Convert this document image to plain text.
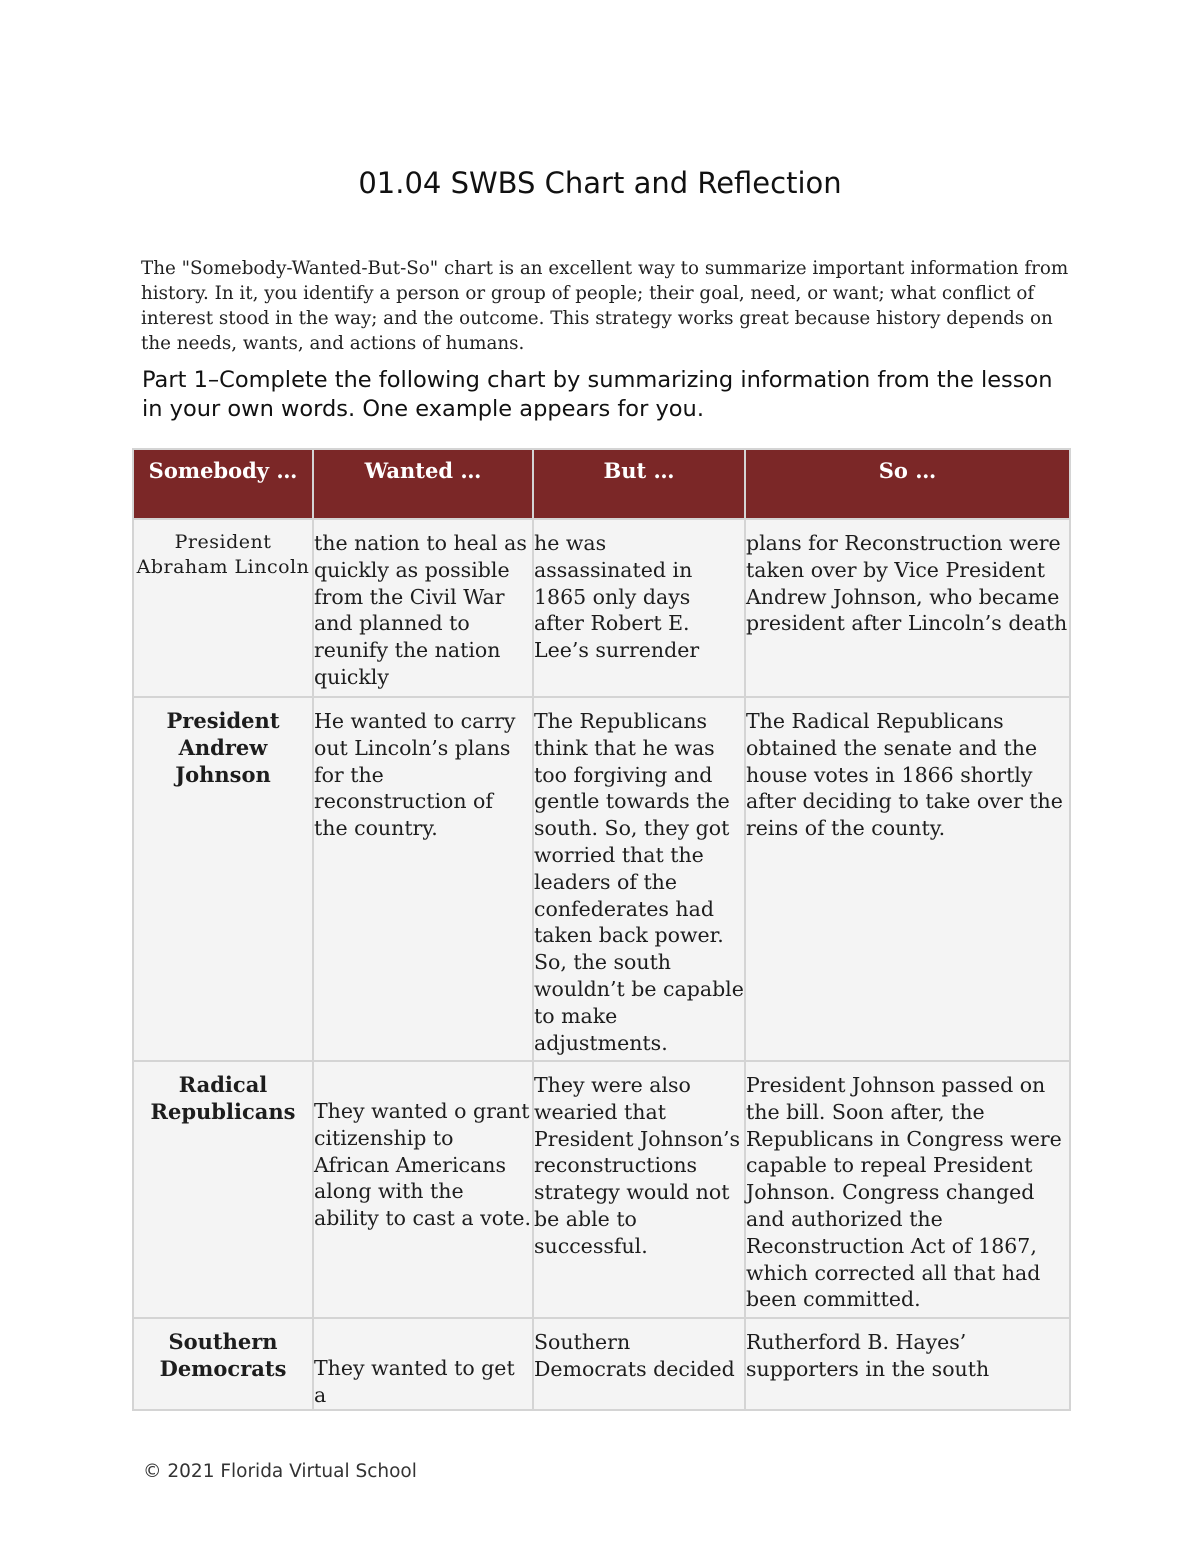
01.04 SWBS Chart and Reflection
The "Somebody-Wanted-But-So" chart is an excellent way to summarize important information from history. In it, you identify a person or group of people; their goal, need, or want; what conflict of interest stood in the way; and the outcome. This strategy works great because history depends on the needs, wants, and actions of humans.
Part 1–Complete the following chart by summarizing information from the lesson in your own words. One example appears for you.
Somebody …	Wanted …	But …	So …
President Abraham Lincoln	the nation to heal as quickly as possible from the Civil War and planned to reunify the nation quickly	he was assassinated in 1865 only days after Robert E. Lee’s surrender	plans for Reconstruction were taken over by Vice President Andrew Johnson, who became president after Lincoln’s death
President Andrew Johnson	He wanted to carry out Lincoln’s plans for the reconstruction of the country.	The Republicans think that he was too forgiving and gentle towards the south. So, they got worried that the leaders of the confederates had taken back power. So, the south wouldn’t be capable to make adjustments.	The Radical Republicans obtained the senate and the house votes in 1866 shortly after deciding to take over the reins of the county.
Radical Republicans	They wanted o grant citizenship to African Americans along with the ability to cast a vote.	They were also wearied that President Johnson’s reconstructions strategy would not be able to successful.	President Johnson passed on the bill. Soon after, the Republicans in Congress were capable to repeal President Johnson. Congress changed and authorized the Reconstruction Act of 1867, which corrected all that had been committed.
Southern Democrats	They wanted to get a	Southern Democrats decided	Rutherford B. Hayes’ supporters in the south
© 2021 Florida Virtual School
